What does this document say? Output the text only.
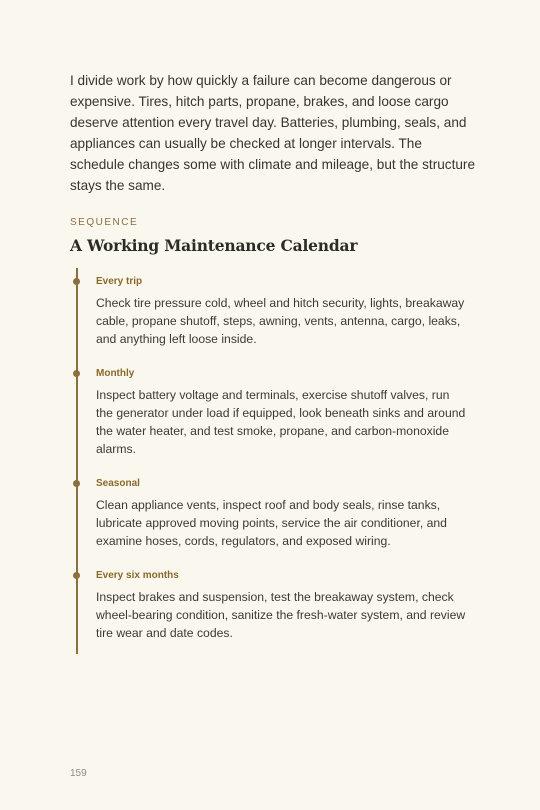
I divide work by how quickly a failure can become dangerous or expensive. Tires, hitch parts, propane, brakes, and loose cargo deserve attention every travel day. Batteries, plumbing, seals, and appliances can usually be checked at longer intervals. The schedule changes some with climate and mileage, but the structure stays the same.

SEQUENCE

A Working Maintenance Calendar

Every trip

Check tire pressure cold, wheel and hitch security, lights, breakaway cable, propane shutoff, steps, awning, vents, antenna, cargo, leaks, and anything left loose inside.

Monthly

Inspect battery voltage and terminals, exercise shutoff valves, run the generator under load if equipped, look beneath sinks and around the water heater, and test smoke, propane, and carbon-monoxide alarms.

Seasonal

Clean appliance vents, inspect roof and body seals, rinse tanks, lubricate approved moving points, service the air conditioner, and examine hoses, cords, regulators, and exposed wiring.

Every six months

Inspect brakes and suspension, test the breakaway system, check wheel-bearing condition, sanitize the fresh-water system, and review tire wear and date codes.

159
